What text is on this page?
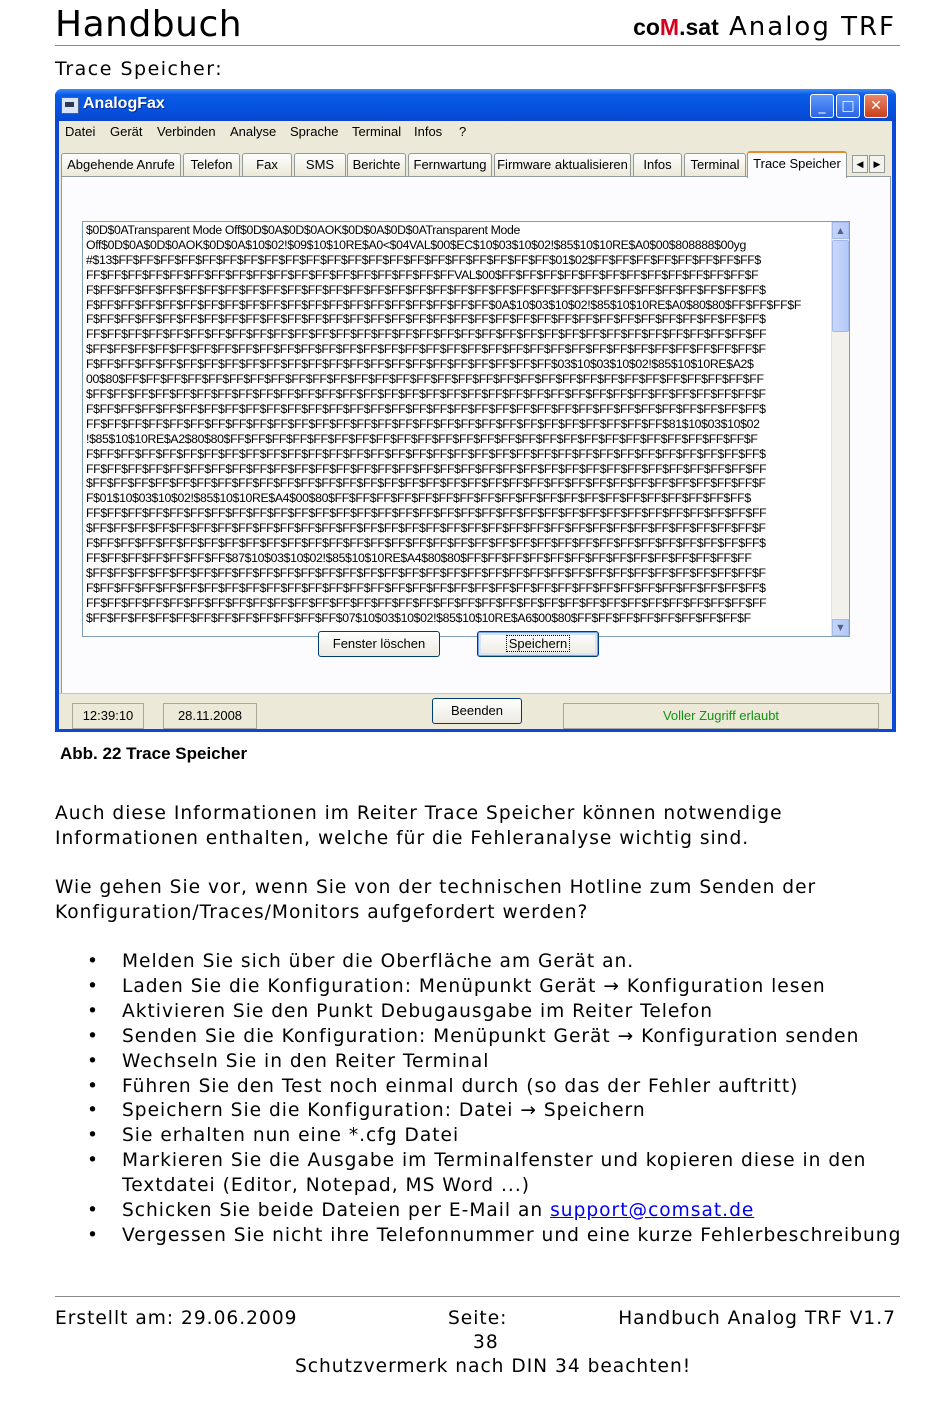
Handbuch	coM.sat Analog TRF
Trace Speicher:
AnalogFax	_	□	✕
Datei Gerät Verbinden Analyse Sprache Terminal Infos ?
Abgehende Anrufe	Telefon	Fax	SMS	Berichte	Fernwartung Firmware aktualisieren	Infos	Terminal	Trace Speicher	◀	▶
$0D$0ATransparent Mode Off$0D$0A$0D$0AOK$0D$0A$0D$0ATransparent Mode
Off$0D$0A$0D$0AOK$0D$0A$10$02!$09$10$10RE$A0<$04VAL$00$EC$10$03$10$02!$85$10$10RE$A0$00$808888$00yg
#$13$FF$FF$FF$FF$FF$FF$FF$FF$FF$FF$FF$FF$FF$FF$FF$FF$FF$FF$FF$FF$FF$01$02$FF$FF$FF$FF$FF$FF$FF$FF$
FF$FF$FF$FF$FF$FF$FF$FF$FF$FF$FF$FF$FF$FF$FF$FF$FF$FFVAL$00$FF$FF$FF$FF$FF$FF$FF$FF$FF$FF$FF$FF$F
F$FF$FF$FF$FF$FF$FF$FF$FF$FF$FF$FF$FF$FF$FF$FF$FF$FF$FF$FF$FF$FF$FF$FF$FF$FF$FF$FF$FF$FF$FF$FF$FF$
F$FF$FF$FF$FF$FF$FF$FF$FF$FF$FF$FF$FF$FF$FF$FF$FF$FF$FF$FF$0A$10$03$10$02!$85$10$10RE$A0$80$80$FF$FF$FF$F
F$FF$FF$FF$FF$FF$FF$FF$FF$FF$FF$FF$FF$FF$FF$FF$FF$FF$FF$FF$FF$FF$FF$FF$FF$FF$FF$FF$FF$FF$FF$FF$FF$
FF$FF$FF$FF$FF$FF$FF$FF$FF$FF$FF$FF$FF$FF$FF$FF$FF$FF$FF$FF$FF$FF$FF$FF$FF$FF$FF$FF$FF$FF$FF$FF$FF
$FF$FF$FF$FF$FF$FF$FF$FF$FF$FF$FF$FF$FF$FF$FF$FF$FF$FF$FF$FF$FF$FF$FF$FF$FF$FF$FF$FF$FF$FF$FF$FF$F
F$FF$FF$FF$FF$FF$FF$FF$FF$FF$FF$FF$FF$FF$FF$FF$FF$FF$FF$FF$FF$FF$FF$03$10$03$10$02!$85$10$10RE$A2$
00$80$FF$FF$FF$FF$FF$FF$FF$FF$FF$FF$FF$FF$FF$FF$FF$FF$FF$FF$FF$FF$FF$FF$FF$FF$FF$FF$FF$FF$FF$FF$FF
$FF$FF$FF$FF$FF$FF$FF$FF$FF$FF$FF$FF$FF$FF$FF$FF$FF$FF$FF$FF$FF$FF$FF$FF$FF$FF$FF$FF$FF$FF$FF$FF$F
F$FF$FF$FF$FF$FF$FF$FF$FF$FF$FF$FF$FF$FF$FF$FF$FF$FF$FF$FF$FF$FF$FF$FF$FF$FF$FF$FF$FF$FF$FF$FF$FF$
FF$FF$FF$FF$FF$FF$FF$FF$FF$FF$FF$FF$FF$FF$FF$FF$FF$FF$FF$FF$FF$FF$FF$FF$FF$FF$FF$FF$81$10$03$10$02
!$85$10$10RE$A2$80$80$FF$FF$FF$FF$FF$FF$FF$FF$FF$FF$FF$FF$FF$FF$FF$FF$FF$FF$FF$FF$FF$FF$FF$FF$FF$F
F$FF$FF$FF$FF$FF$FF$FF$FF$FF$FF$FF$FF$FF$FF$FF$FF$FF$FF$FF$FF$FF$FF$FF$FF$FF$FF$FF$FF$FF$FF$FF$FF$
FF$FF$FF$FF$FF$FF$FF$FF$FF$FF$FF$FF$FF$FF$FF$FF$FF$FF$FF$FF$FF$FF$FF$FF$FF$FF$FF$FF$FF$FF$FF$FF$FF
$FF$FF$FF$FF$FF$FF$FF$FF$FF$FF$FF$FF$FF$FF$FF$FF$FF$FF$FF$FF$FF$FF$FF$FF$FF$FF$FF$FF$FF$FF$FF$FF$F
F$01$10$03$10$02!$85$10$10RE$A4$00$80$FF$FF$FF$FF$FF$FF$FF$FF$FF$FF$FF$FF$FF$FF$FF$FF$FF$FF$FF$FF$
FF$FF$FF$FF$FF$FF$FF$FF$FF$FF$FF$FF$FF$FF$FF$FF$FF$FF$FF$FF$FF$FF$FF$FF$FF$FF$FF$FF$FF$FF$FF$FF$FF
$FF$FF$FF$FF$FF$FF$FF$FF$FF$FF$FF$FF$FF$FF$FF$FF$FF$FF$FF$FF$FF$FF$FF$FF$FF$FF$FF$FF$FF$FF$FF$FF$F
F$FF$FF$FF$FF$FF$FF$FF$FF$FF$FF$FF$FF$FF$FF$FF$FF$FF$FF$FF$FF$FF$FF$FF$FF$FF$FF$FF$FF$FF$FF$FF$FF$
FF$FF$FF$FF$FF$FF$FF$87$10$03$10$02!$85$10$10RE$A4$80$80$FF$FF$FF$FF$FF$FF$FF$FF$FF$FF$FF$FF$FF$FF
$FF$FF$FF$FF$FF$FF$FF$FF$FF$FF$FF$FF$FF$FF$FF$FF$FF$FF$FF$FF$FF$FF$FF$FF$FF$FF$FF$FF$FF$FF$FF$FF$F
F$FF$FF$FF$FF$FF$FF$FF$FF$FF$FF$FF$FF$FF$FF$FF$FF$FF$FF$FF$FF$FF$FF$FF$FF$FF$FF$FF$FF$FF$FF$FF$FF$
FF$FF$FF$FF$FF$FF$FF$FF$FF$FF$FF$FF$FF$FF$FF$FF$FF$FF$FF$FF$FF$FF$FF$FF$FF$FF$FF$FF$FF$FF$FF$FF$FF
$FF$FF$FF$FF$FF$FF$FF$FF$FF$FF$FF$FF$07$10$03$10$02!$85$10$10RE$A6$00$80$FF$FF$FF$FF$FF$FF$FF$FF$F
▲
▼
Fenster löschen	Speichern
12:39:10	28.11.2008	Beenden	Voller Zugriff erlaubt
Abb. 22 Trace Speicher
Auch diese Informationen im Reiter Trace Speicher können notwendige Informationen enthalten, welche für die Fehleranalyse wichtig sind.
Wie gehen Sie vor, wenn Sie von der technischen Hotline zum Senden der Konfiguration/Traces/Monitors aufgefordert werden?
• Melden Sie sich über die Oberfläche am Gerät an.
• Laden Sie die Konfiguration: Menüpunkt Gerät → Konfiguration lesen
• Aktivieren Sie den Punkt Debugausgabe im Reiter Telefon
• Senden Sie die Konfiguration: Menüpunkt Gerät → Konfiguration senden
• Wechseln Sie in den Reiter Terminal
• Führen Sie den Test noch einmal durch (so das der Fehler auftritt)
• Speichern Sie die Konfiguration: Datei → Speichern
• Sie erhalten nun eine *.cfg Datei
• Markieren Sie die Ausgabe im Terminalfenster und kopieren diese in den Textdatei (Editor, Notepad, MS Word ...)
• Schicken Sie beide Dateien per E-Mail an support@comsat.de
• Vergessen Sie nicht ihre Telefonnummer und eine kurze Fehlerbeschreibung
Erstellt am: 29.06.2009	Seite:
38
Handbuch Analog TRF V1.7
Schutzvermerk nach DIN 34 beachten!
